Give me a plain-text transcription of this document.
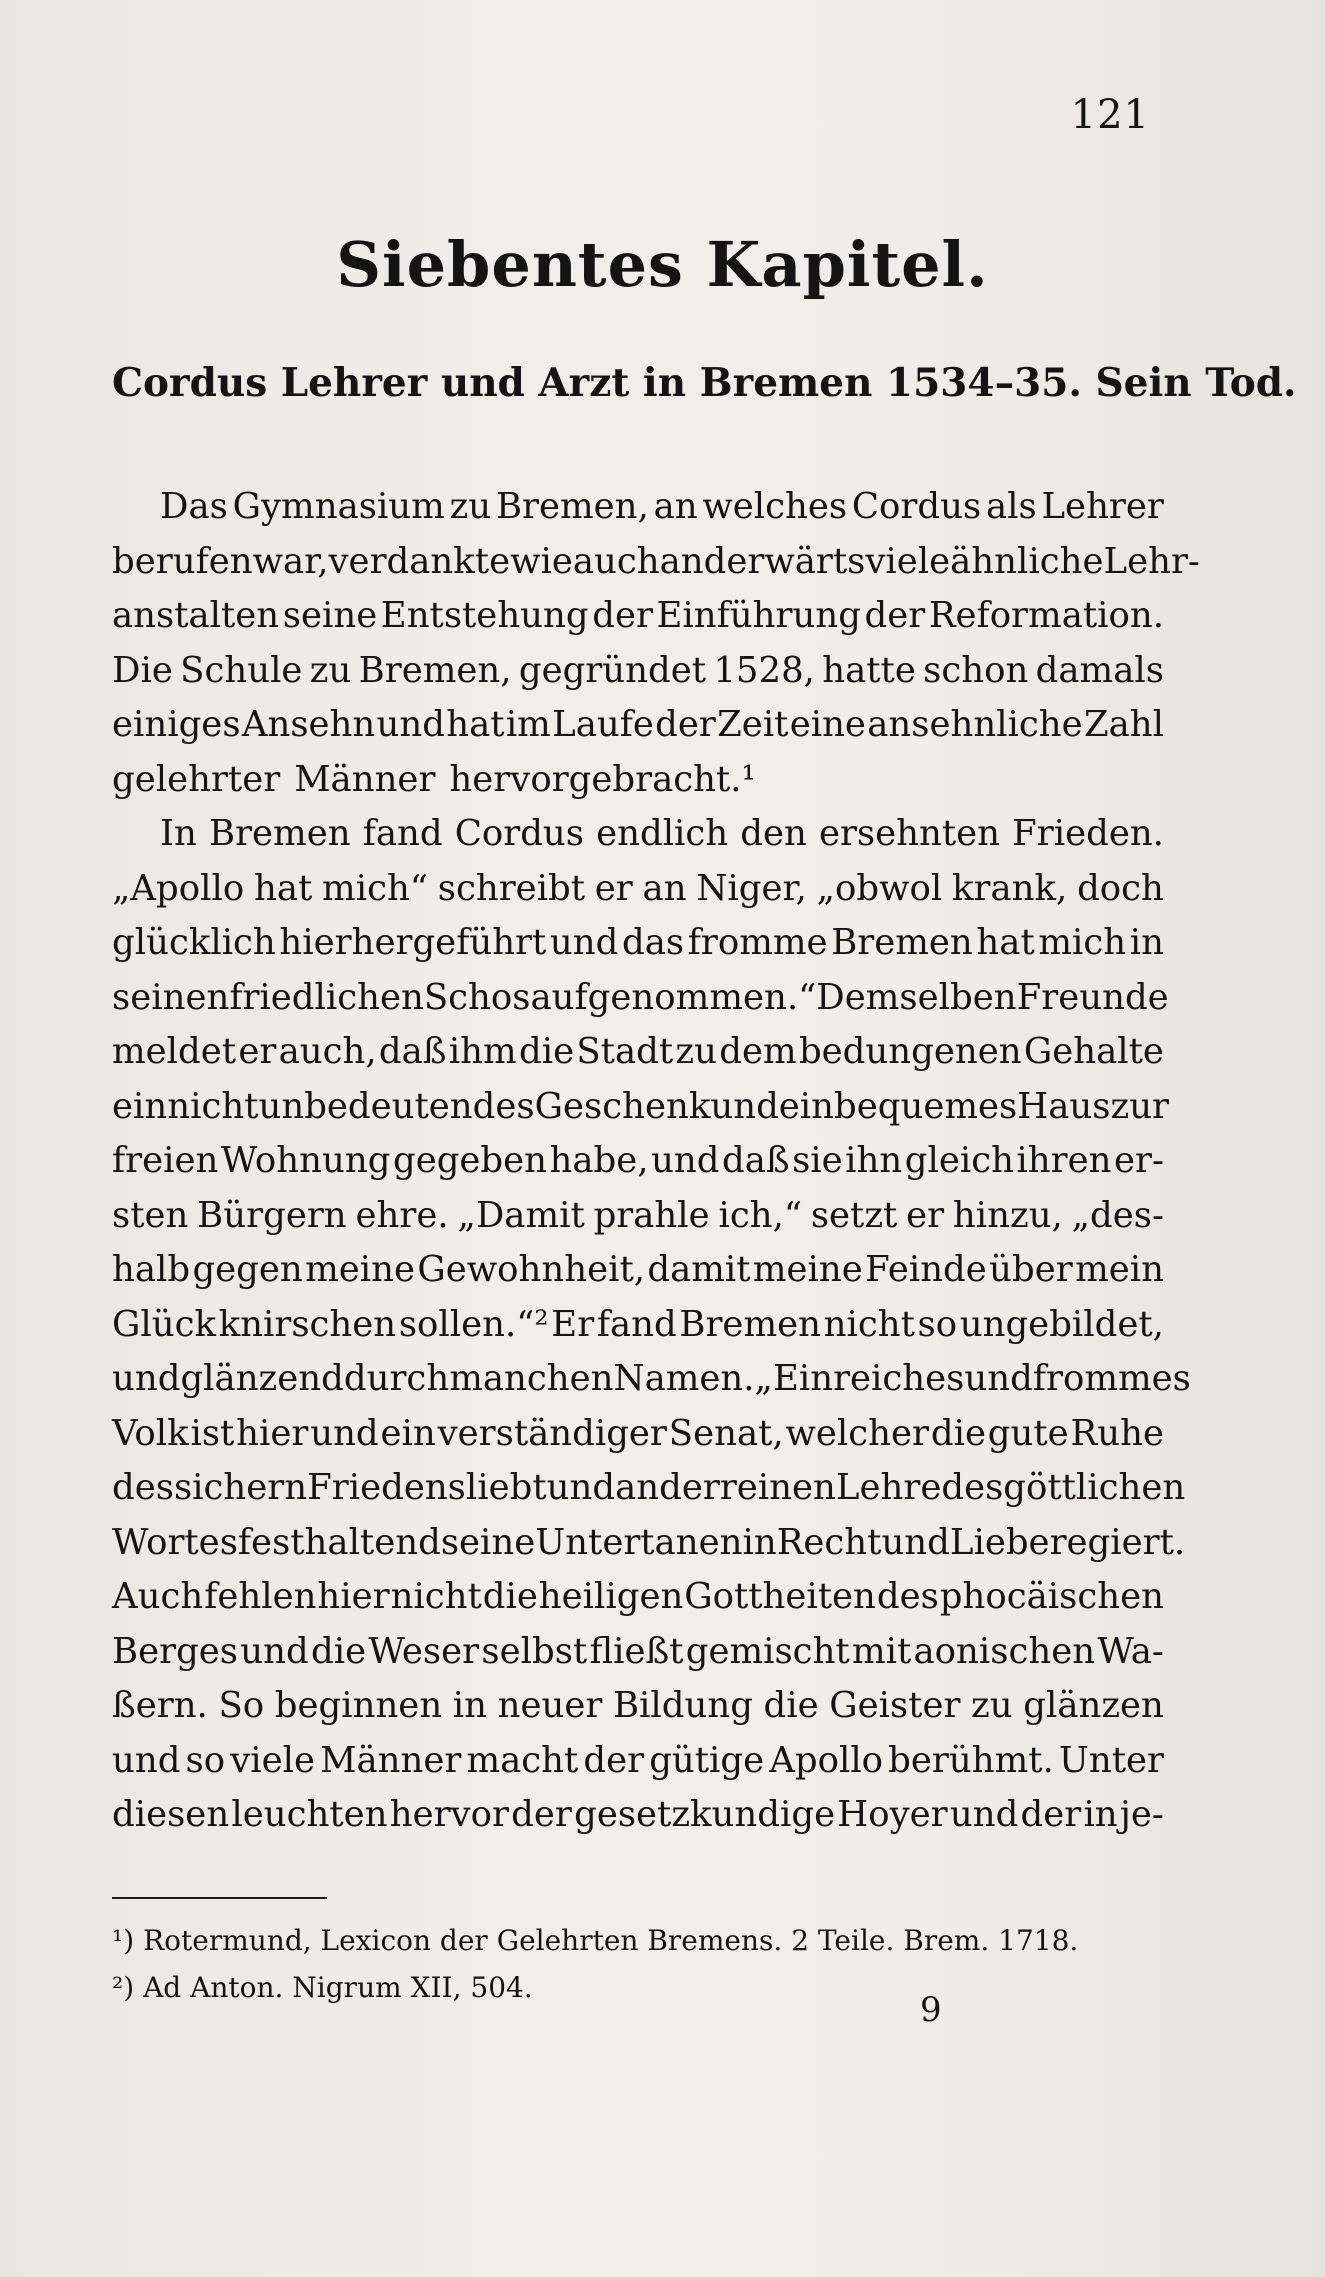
121
Siebentes Kapitel.
Cordus Lehrer und Arzt in Bremen 1534–35. Sein Tod.
Das Gymnasium zu Bremen, an welches Cordus als Lehrer
berufen war, verdankte wie auch anderwärts viele ähnliche Lehr-
anstalten seine Entstehung der Einführung der Reformation.
Die Schule zu Bremen, gegründet 1528, hatte schon damals
einiges Ansehn und hat im Laufe der Zeit eine ansehnliche Zahl
gelehrter Männer hervorgebracht.¹
In Bremen fand Cordus endlich den ersehnten Frieden.
„Apollo hat mich“ schreibt er an Niger, „obwol krank, doch
glücklich hierhergeführt und das fromme Bremen hat mich in
seinen friedlichen Schos aufgenommen.“ Demselben Freunde
meldet er auch, daß ihm die Stadt zu dem bedungenen Gehalte
ein nicht unbedeutendes Geschenk und ein bequemes Haus zur
freien Wohnung gegeben habe, und daß sie ihn gleich ihren er-
sten Bürgern ehre. „Damit prahle ich,“ setzt er hinzu, „des-
halb gegen meine Gewohnheit, damit meine Feinde über mein
Glück knirschen sollen.“² Er fand Bremen nicht so ungebildet,
und glänzend durch manchen Namen. „Ein reiches und frommes
Volk ist hier und ein verständiger Senat, welcher die gute Ruhe
des sichern Friedens liebt und an der reinen Lehre des göttlichen
Wortes festhaltend seine Untertanen in Recht und Liebe regiert.
Auch fehlen hier nicht die heiligen Gottheiten des phocäischen
Berges und die Weser selbst fließt gemischt mit aonischen Wa-
ßern. So beginnen in neuer Bildung die Geister zu glänzen
und so viele Männer macht der gütige Apollo berühmt. Unter
diesen leuchten hervor der gesetzkundige Hoyer und der in je-
¹) Rotermund, Lexicon der Gelehrten Bremens. 2 Teile. Brem. 1718.
²) Ad Anton. Nigrum XII, 504.
9
